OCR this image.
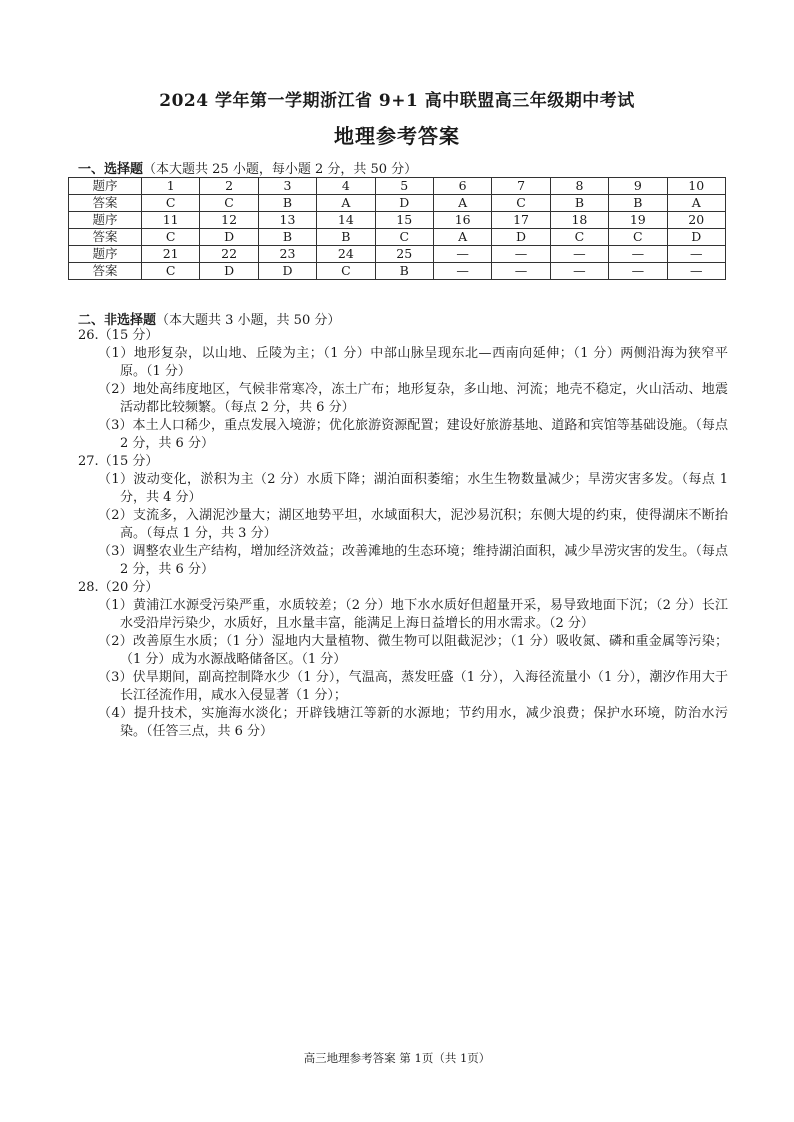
2024 学年第一学期浙江省 9+1 高中联盟高三年级期中考试
地理参考答案
一、选择题（本大题共 25 小题，每小题 2 分，共 50 分）
题序	1	2	3	4	5	6	7	8	9	10
答案	C	C	B	A	D	A	C	B	B	A
题序	11	12	13	14	15	16	17	18	19	20
答案	C	D	B	B	C	A	D	C	C	D
题序	21	22	23	24	25	—	—	—	—	—
答案	C	D	D	C	B	—	—	—	—	—
二、非选择题（本大题共 3 小题，共 50 分）
26.（15 分）
（1）地形复杂，以山地、丘陵为主；（1 分）中部山脉呈现东北—西南向延伸；（1 分）两侧沿海为狭窄平原。（1 分）
（2）地处高纬度地区，气候非常寒冷，冻土广布；地形复杂，多山地、河流；地壳不稳定，火山活动、地震活动都比较频繁。（每点 2 分，共 6 分）
（3）本土人口稀少，重点发展入境游；优化旅游资源配置；建设好旅游基地、道路和宾馆等基础设施。（每点 2 分，共 6 分）
27.（15 分）
（1）波动变化，淤积为主（2 分）水质下降；湖泊面积萎缩；水生生物数量减少；旱涝灾害多发。（每点 1 分，共 4 分）
（2）支流多，入湖泥沙量大；湖区地势平坦，水域面积大，泥沙易沉积；东侧大堤的约束，使得湖床不断抬高。（每点 1 分，共 3 分）
（3）调整农业生产结构，增加经济效益；改善滩地的生态环境；维持湖泊面积，减少旱涝灾害的发生。（每点 2 分，共 6 分）
28.（20 分）
（1）黄浦江水源受污染严重，水质较差；（2 分）地下水水质好但超量开采，易导致地面下沉；（2 分）长江水受沿岸污染少，水质好，且水量丰富，能满足上海日益增长的用水需求。（2 分）
（2）改善原生水质；（1 分）湿地内大量植物、微生物可以阻截泥沙；（1 分）吸收氮、磷和重金属等污染；（1 分）成为水源战略储备区。（1 分）
（3）伏旱期间，副高控制降水少（1 分），气温高，蒸发旺盛（1 分），入海径流量小（1 分），潮汐作用大于长江径流作用，咸水入侵显著（1 分）；
（4）提升技术，实施海水淡化；开辟钱塘江等新的水源地；节约用水，减少浪费；保护水环境，防治水污染。（任答三点，共 6 分）
高三地理参考答案 第 1页（共 1页）
